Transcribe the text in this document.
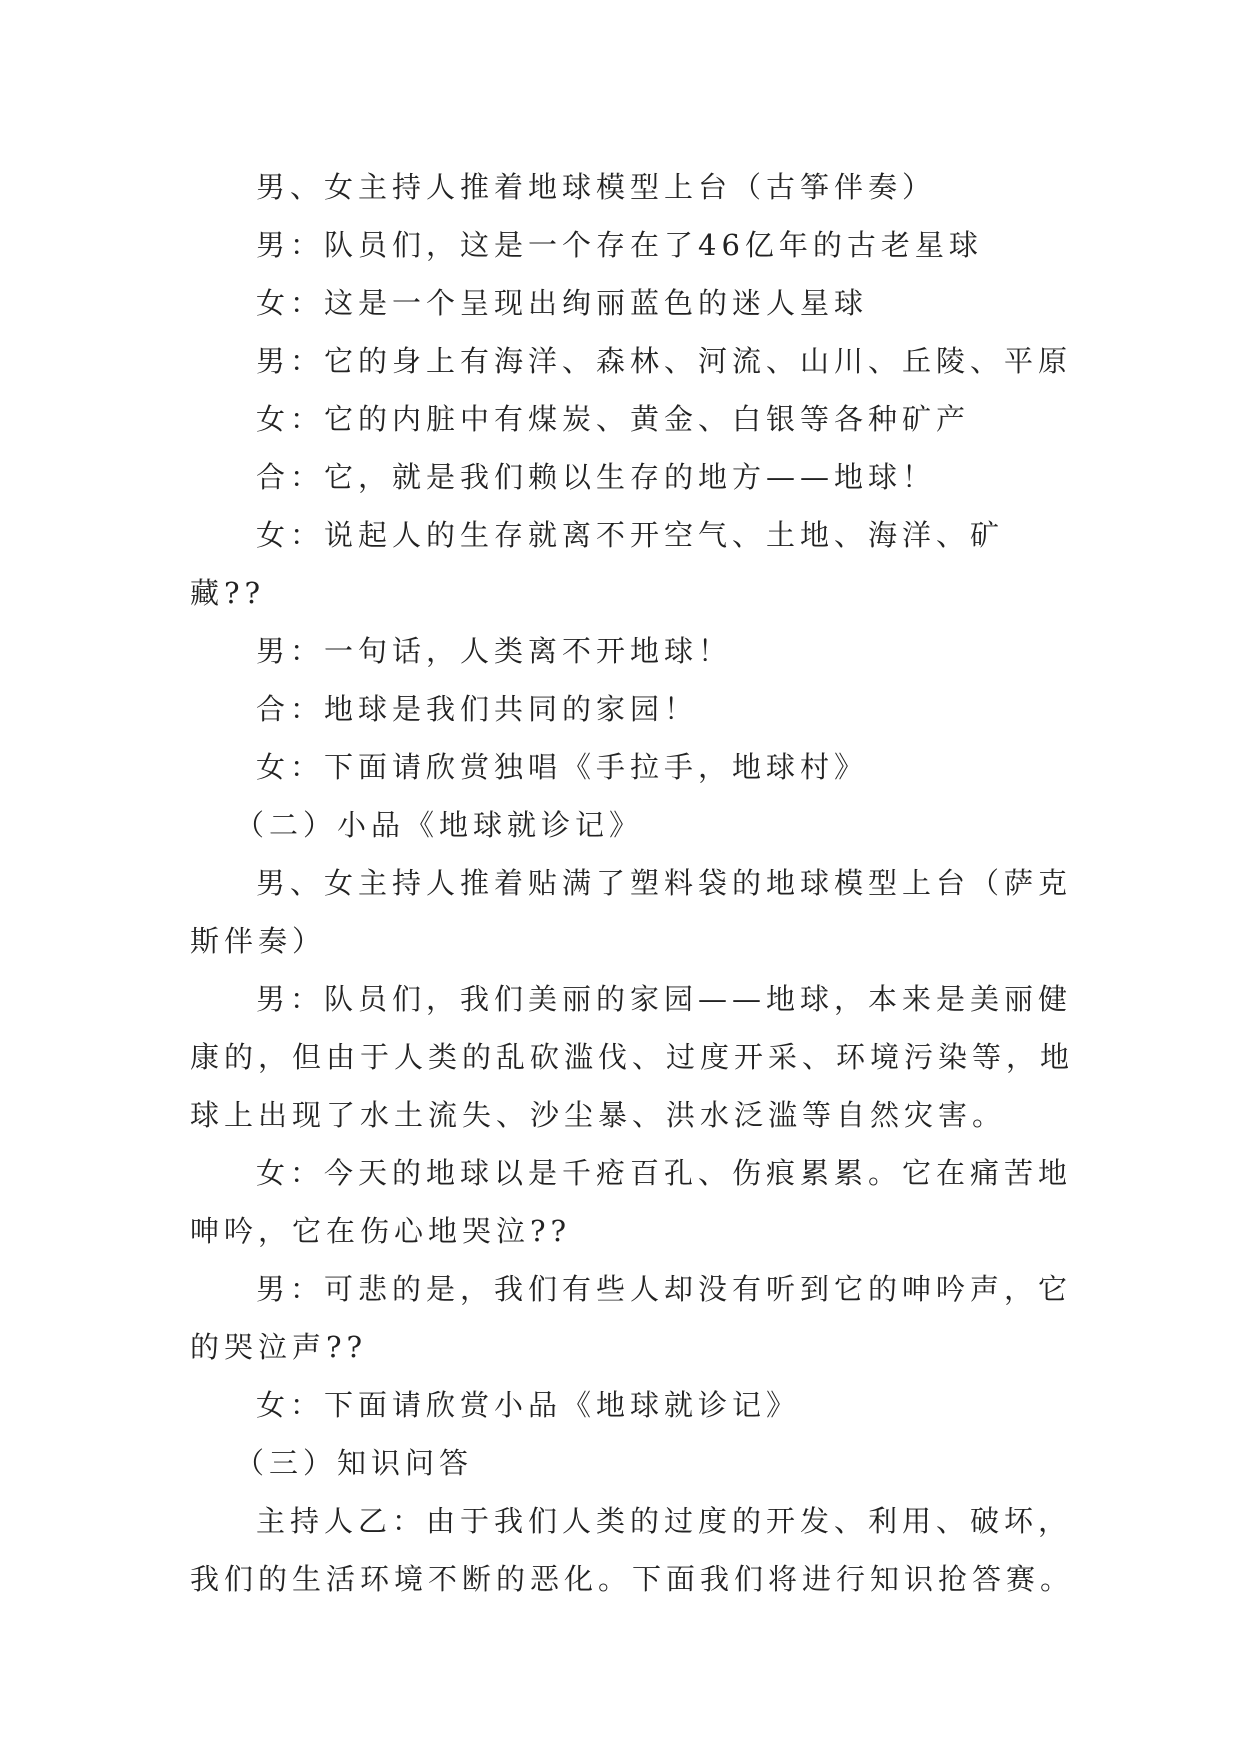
男、女主持人推着地球模型上台（古筝伴奏）

男：队员们，这是一个存在了46亿年的古老星球

女：这是一个呈现出绚丽蓝色的迷人星球

男：它的身上有海洋、森林、河流、山川、丘陵、平原

女：它的内脏中有煤炭、黄金、白银等各种矿产

合：它，就是我们赖以生存的地方——地球！

女：说起人的生存就离不开空气、土地、海洋、矿藏??

男：一句话，人类离不开地球！

合：地球是我们共同的家园！

女：下面请欣赏独唱《手拉手，地球村》

（二）小品《地球就诊记》

男、女主持人推着贴满了塑料袋的地球模型上台（萨克斯伴奏）

男：队员们，我们美丽的家园——地球，本来是美丽健康的，但由于人类的乱砍滥伐、过度开采、环境污染等，地球上出现了水土流失、沙尘暴、洪水泛滥等自然灾害。

女：今天的地球以是千疮百孔、伤痕累累。它在痛苦地呻吟，它在伤心地哭泣??

男：可悲的是，我们有些人却没有听到它的呻吟声，它的哭泣声??

女：下面请欣赏小品《地球就诊记》

（三）知识问答

主持人乙：由于我们人类的过度的开发、利用、破坏，我们的生活环境不断的恶化。下面我们将进行知识抢答赛。
